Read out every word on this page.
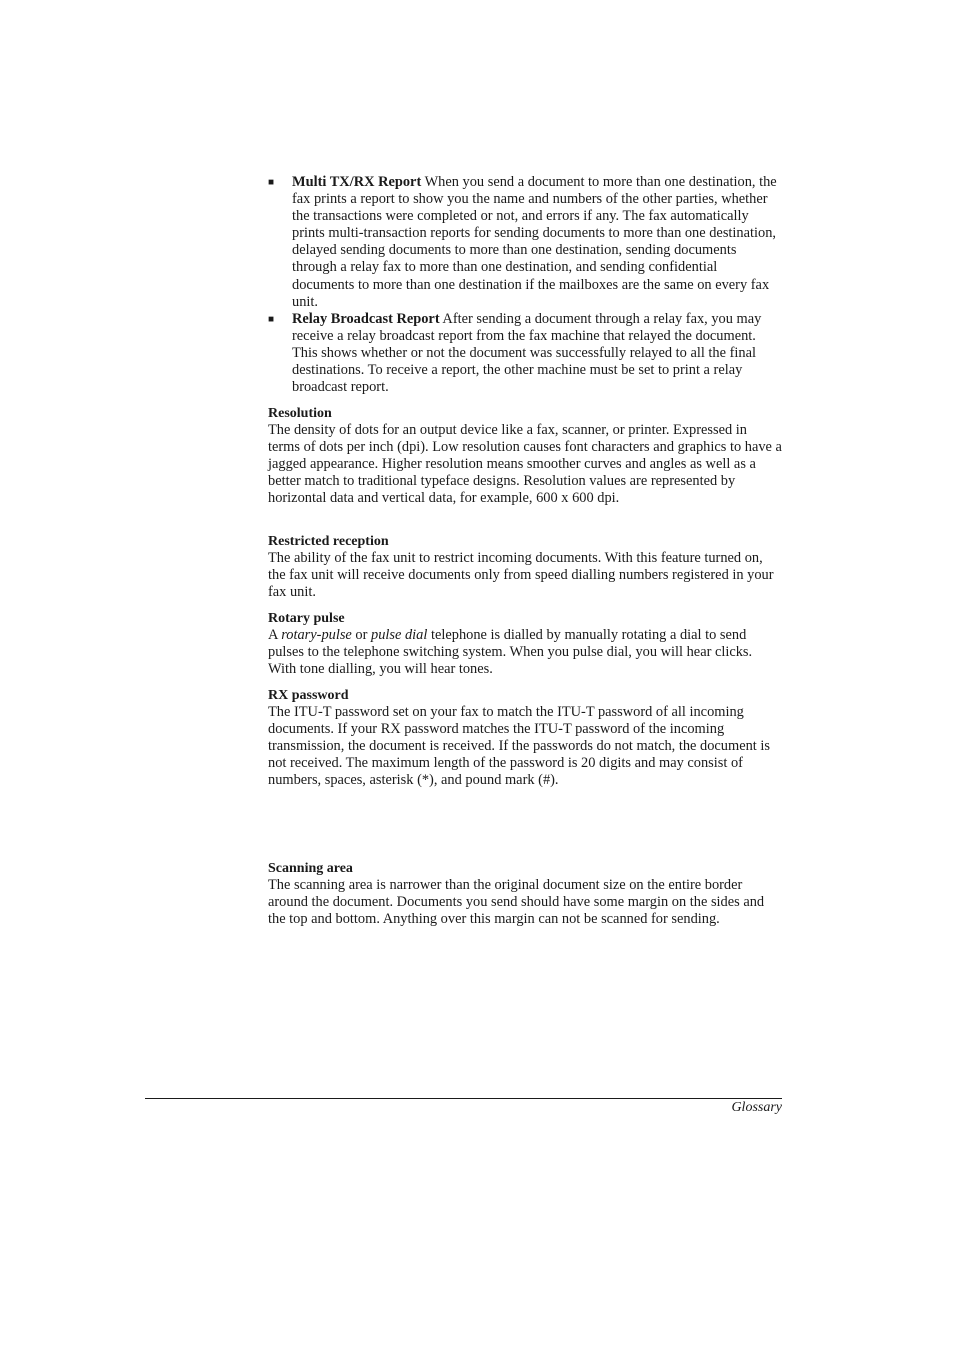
■ Multi TX/RX Report When you send a document to more than one destination, the fax prints a report to show you the name and numbers of the other parties, whether the transactions were completed or not, and errors if any. The fax automatically prints multi-transaction reports for sending documents to more than one destination, delayed sending documents to more than one destination, sending documents through a relay fax to more than one destination, and sending confidential documents to more than one destination if the mailboxes are the same on every fax unit.
■ Relay Broadcast Report After sending a document through a relay fax, you may receive a relay broadcast report from the fax machine that relayed the document. This shows whether or not the document was successfully relayed to all the final destinations. To receive a report, the other machine must be set to print a relay broadcast report.

Resolution

The density of dots for an output device like a fax, scanner, or printer. Expressed in terms of dots per inch (dpi). Low resolution causes font characters and graphics to have a jagged appearance. Higher resolution means smoother curves and angles as well as a better match to traditional typeface designs. Resolution values are represented by horizontal data and vertical data, for example, 600 x 600 dpi.

Restricted reception

The ability of the fax unit to restrict incoming documents. With this feature turned on, the fax unit will receive documents only from speed dialling numbers registered in your fax unit.

Rotary pulse

A rotary-pulse or pulse dial telephone is dialled by manually rotating a dial to send pulses to the telephone switching system. When you pulse dial, you will hear clicks. With tone dialling, you will hear tones.

RX password

The ITU-T password set on your fax to match the ITU-T password of all incoming documents. If your RX password matches the ITU-T password of the incoming transmission, the document is received. If the passwords do not match, the document is not received. The maximum length of the password is 20 digits and may consist of numbers, spaces, asterisk (*), and pound mark (#).

Scanning area

The scanning area is narrower than the original document size on the entire border around the document. Documents you send should have some margin on the sides and the top and bottom. Anything over this margin can not be scanned for sending.

Glossary
